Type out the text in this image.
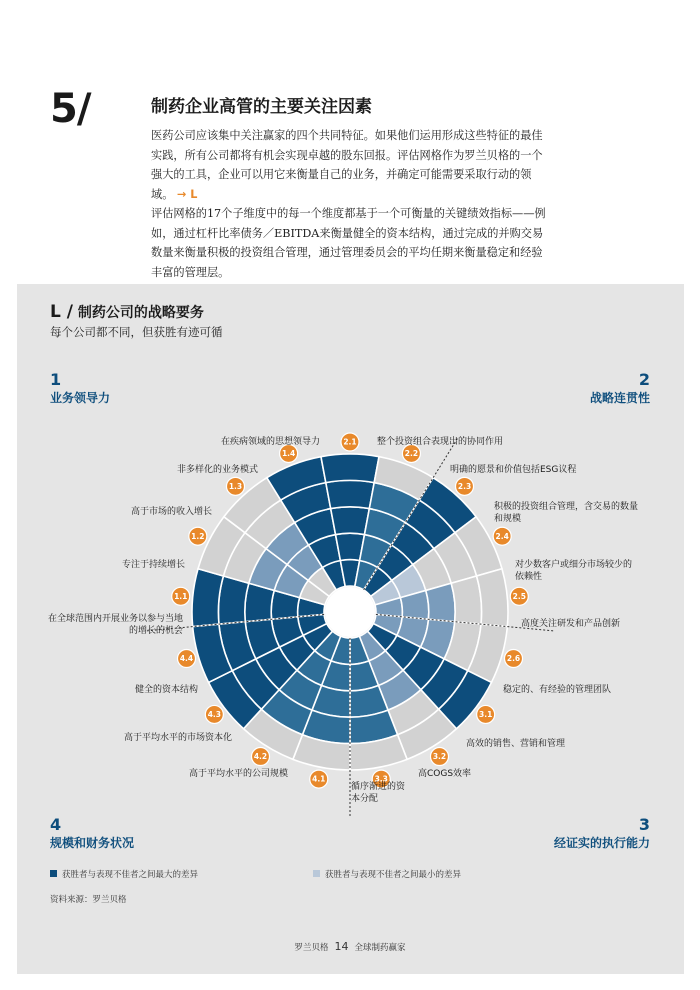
5/	制药企业高管的主要关注因素
医药公司应该集中关注赢家的四个共同特征。如果他们运用形成这些特征的最佳实践，所有公司都将有机会实现卓越的股东回报。评估网格作为罗兰贝格的一个强大的工具，企业可以用它来衡量自己的业务，并确定可能需要采取行动的领域。 → L
评估网格的17个子维度中的每一个维度都基于一个可衡量的关键绩效指标——例如，通过杠杆比率债务／EBITDA来衡量健全的资本结构，通过完成的并购交易数量来衡量积极的投资组合管理，通过管理委员会的平均任期来衡量稳定和经验丰富的管理层。
L / 制药公司的战略要务
每个公司都不同，但获胜有迹可循
1
业务领导力
2
战略连贯性
3
经证实的执行能力
4
规模和财务状况
1.1
1.2
1.3
1.4
2.1
2.2
2.3
2.4
2.5
2.6
3.1
3.2
3.3
4.1
4.2
4.3
4.4
在疾病领域的思想领导力
非多样化的业务模式
高于市场的收入增长
专注于持续增长
在全球范围内开展业务以参与当地的增长的机会
健全的资本结构
高于平均水平的市场资本化
高于平均水平的公司规模
循序渐进的资本分配
高COGS效率
高效的销售、营销和管理
稳定的、有经验的管理团队
高度关注研发和产品创新
对少数客户或细分市场较少的依赖性
积极的投资组合管理，含交易的数量和规模
明确的愿景和价值包括ESG议程
整个投资组合表现出的协同作用
获胜者与表现不佳者之间最大的差异	获胜者与表现不佳者之间最小的差异
资料来源：罗兰贝格
罗兰贝格 14 全球制药赢家
